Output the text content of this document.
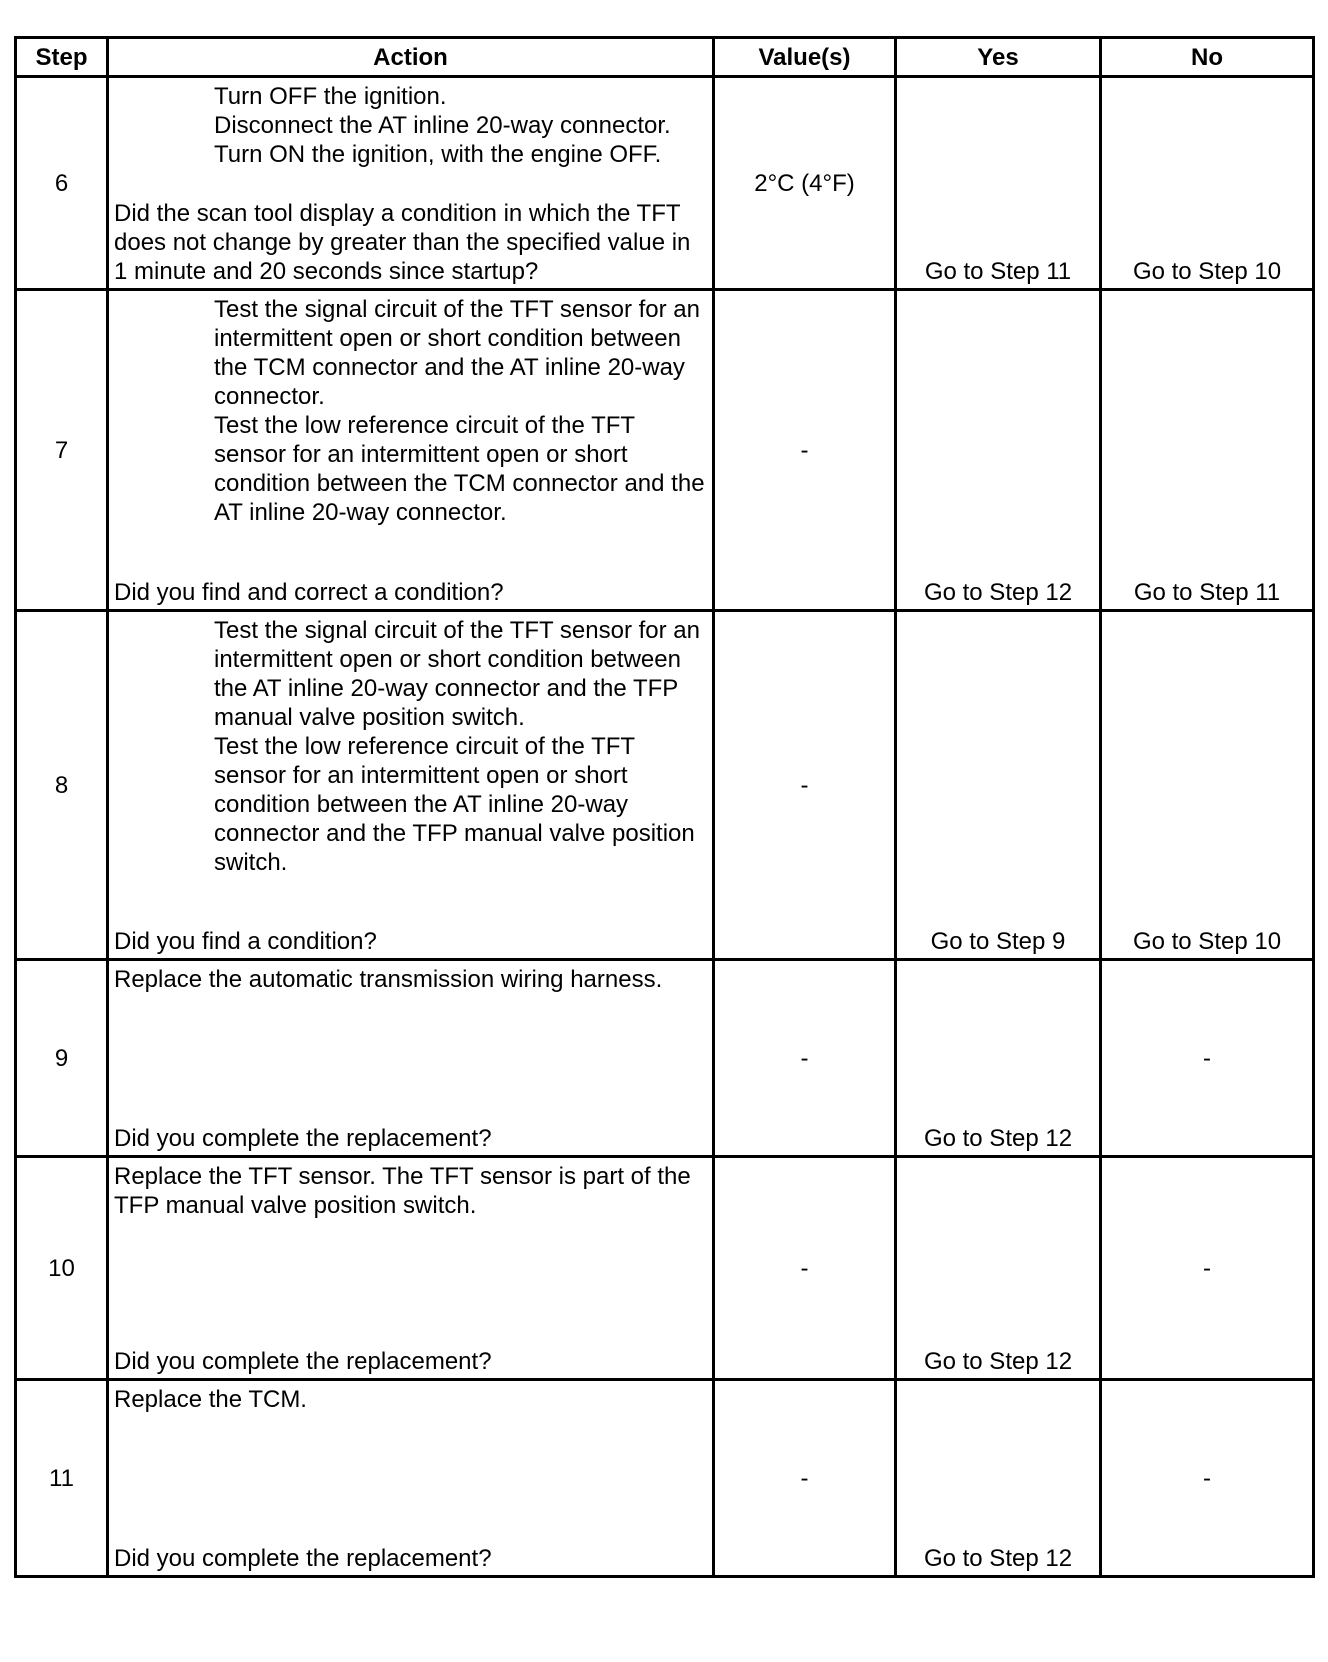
Step	Action	Value(s)	Yes	No
6	Turn OFF the ignition.
Disconnect the AT inline 20-way connector.
Turn ON the ignition, with the engine OFF.
Did the scan tool display a condition in which the TFT does not change by greater than the specified value in 1 minute and 20 seconds since startup?	2°C (4°F)	Go to Step 11	Go to Step 10

7	Test the signal circuit of the TFT sensor for an intermittent open or short condition between the TCM connector and the AT inline 20-way connector.
Test the low reference circuit of the TFT sensor for an intermittent open or short condition between the TCM connector and the AT inline 20-way connector.
Did you find and correct a condition?	-	Go to Step 12	Go to Step 11

8	Test the signal circuit of the TFT sensor for an intermittent open or short condition between the AT inline 20-way connector and the TFP manual valve position switch.
Test the low reference circuit of the TFT sensor for an intermittent open or short condition between the AT inline 20-way connector and the TFP manual valve position switch.
Did you find a condition?	-	Go to Step 9	Go to Step 10

9	Replace the automatic transmission wiring harness.
Did you complete the replacement?	-	Go to Step 12	-
10	Replace the TFT sensor. The TFT sensor is part of the TFP manual valve position switch.
Did you complete the replacement?	-	Go to Step 12	-
11	Replace the TCM.
Did you complete the replacement?	-	Go to Step 12	-
